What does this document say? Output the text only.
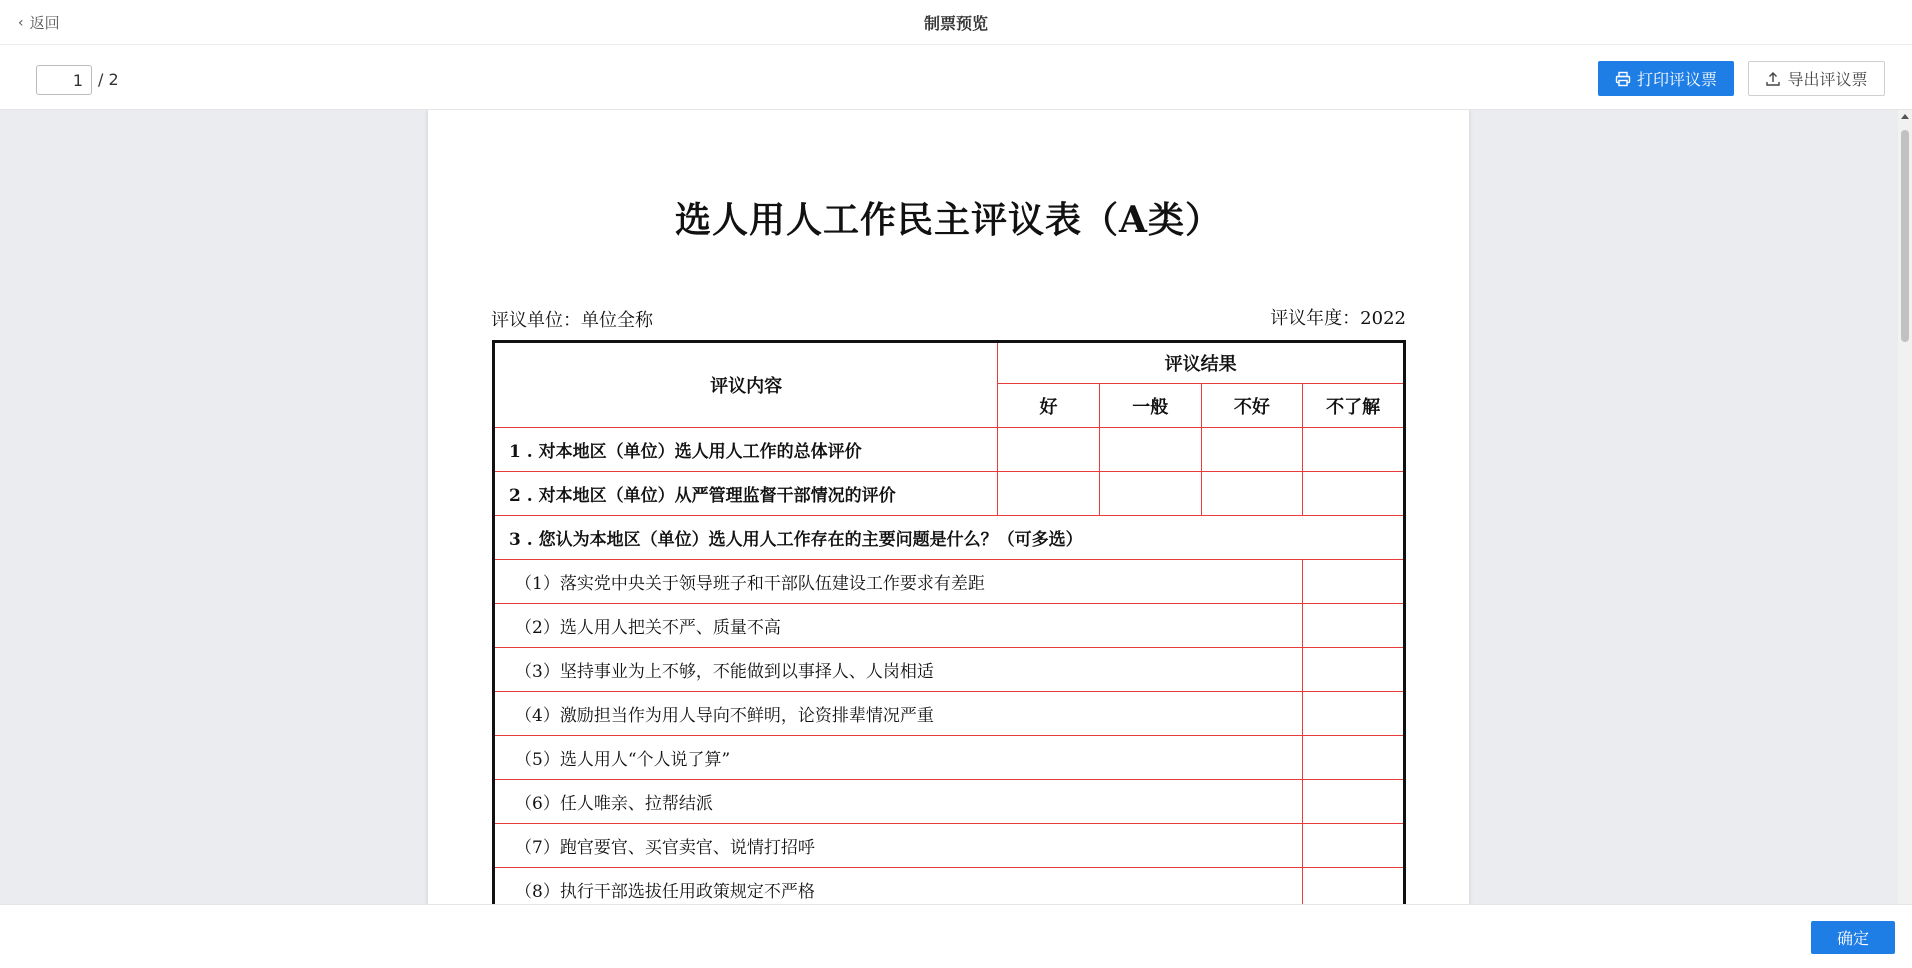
‹ 返回	制票预览
1
/ 2	打印评议票	导出评议票
选人用人工作民主评议表（A类）
评议单位：单位全称	评议年度：2022
评议内容	评议结果			
	好	一般	不好	不了解
1 . 对本地区（单位）选人用人工作的总体评价				
2 . 对本地区（单位）从严管理监督干部情况的评价				
3 . 您认为本地区（单位）选人用人工作存在的主要问题是什么？（可多选）				
（1）落实党中央关于领导班子和干部队伍建设工作要求有差距				
（2）选人用人把关不严、质量不高				
（3）坚持事业为上不够，不能做到以事择人、人岗相适				
（4）激励担当作为用人导向不鲜明，论资排辈情况严重				
（5）选人用人“个人说了算”				
（6）任人唯亲、拉帮结派				
（7）跑官要官、买官卖官、说情打招呼				
（8）执行干部选拔任用政策规定不严格				
确定
